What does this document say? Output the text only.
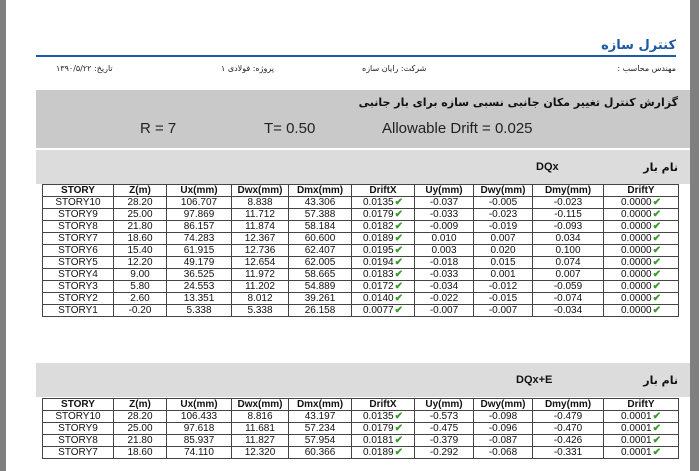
کنترل سازه
مهندس محاسب :
شرکت: رایان سازه
پروژه: فولادی ۱
تاریخ: ۱۳۹۰/۵/۲۲
گزارش کنترل تغییر مکان جانبی نسبی سازه برای بار جانبی
R = 7	T= 0.50	Allowable Drift = 0.025
نام بار
DQx
STORY	Z(m)	Ux(mm)	Dwx(mm)	Dmx(mm)	DriftX	Uy(mm)	Dwy(mm)	Dmy(mm)	DriftY
STORY10	28.20	106.707	8.838	43.306	0.0135✔	-0.037	-0.005	-0.023	0.0000✔
STORY9	25.00	97.869	11.712	57.388	0.0179✔	-0.033	-0.023	-0.115	0.0000✔
STORY8	21.80	86.157	11.874	58.184	0.0182✔	-0.009	-0.019	-0.093	0.0000✔
STORY7	18.60	74.283	12.367	60.600	0.0189✔	0.010	0.007	0.034	0.0000✔
STORY6	15.40	61.915	12.736	62.407	0.0195✔	0.003	0.020	0.100	0.0000✔
STORY5	12.20	49.179	12.654	62.005	0.0194✔	-0.018	0.015	0.074	0.0000✔
STORY4	9.00	36.525	11.972	58.665	0.0183✔	-0.033	0.001	0.007	0.0000✔
STORY3	5.80	24.553	11.202	54.889	0.0172✔	-0.034	-0.012	-0.059	0.0000✔
STORY2	2.60	13.351	8.012	39.261	0.0140✔	-0.022	-0.015	-0.074	0.0000✔
STORY1	-0.20	5.338	5.338	26.158	0.0077✔	-0.007	-0.007	-0.034	0.0000✔
نام بار
DQx+E
STORY	Z(m)	Ux(mm)	Dwx(mm)	Dmx(mm)	DriftX	Uy(mm)	Dwy(mm)	Dmy(mm)	DriftY
STORY10	28.20	106.433	8.816	43.197	0.0135✔	-0.573	-0.098	-0.479	0.0001✔
STORY9	25.00	97.618	11.681	57.234	0.0179✔	-0.475	-0.096	-0.470	0.0001✔
STORY8	21.80	85.937	11.827	57.954	0.0181✔	-0.379	-0.087	-0.426	0.0001✔
STORY7	18.60	74.110	12.320	60.366	0.0189✔	-0.292	-0.068	-0.331	0.0001✔
